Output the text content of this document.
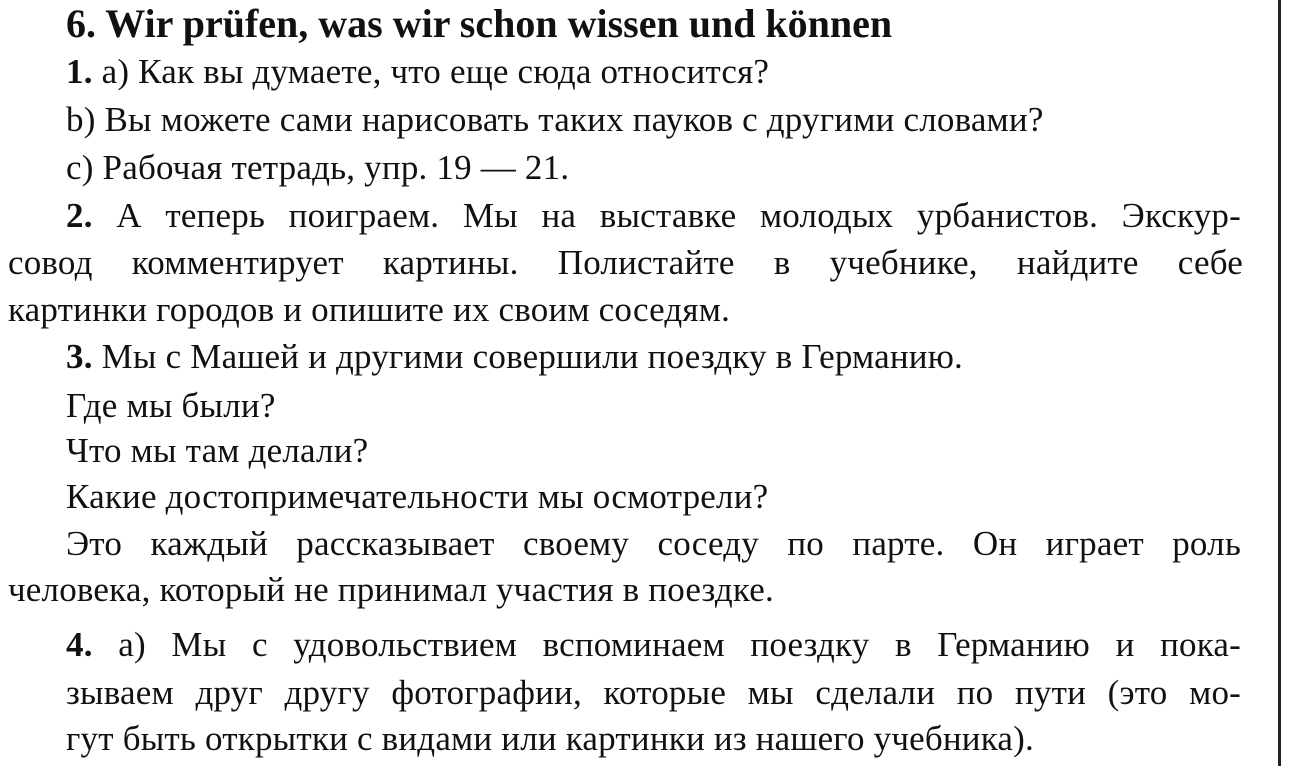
6. Wir prüfen, was wir schon wissen und können
1. а) Как вы думаете, что еще сюда относится?
b) Вы можете сами нарисовать таких пауков с другими словами?
с) Рабочая тетрадь, упр. 19 — 21.
2. А теперь поиграем. Мы на выставке молодых урбанистов. Экскур-
совод комментирует картины. Полистайте в учебнике, найдите себе
картинки городов и опишите их своим соседям.
3. Мы с Машей и другими совершили поездку в Германию.
Где мы были?
Что мы там делали?
Какие достопримечательности мы осмотрели?
Это каждый рассказывает своему соседу по парте. Он играет роль
человека, который не принимал участия в поездке.
4. а) Мы с удовольствием вспоминаем поездку в Германию и пока-
зываем друг другу фотографии, которые мы сделали по пути (это мо-
гут быть открытки с видами или картинки из нашего учебника).
